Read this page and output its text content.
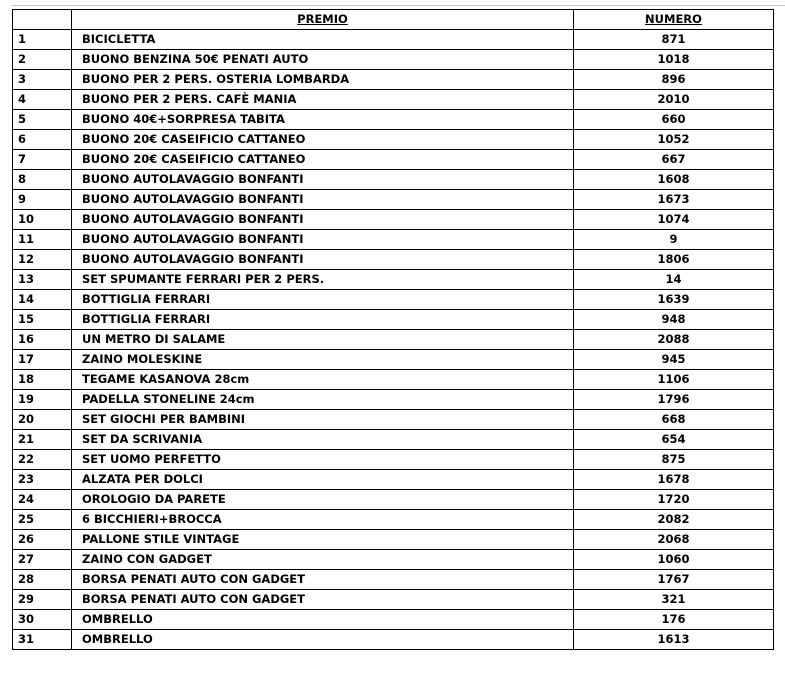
	PREMIO	NUMERO
1	BICICLETTA	871
2	BUONO BENZINA 50€ PENATI AUTO	1018
3	BUONO PER 2 PERS. OSTERIA LOMBARDA	896
4	BUONO PER 2 PERS. CAFÈ MANIA	2010
5	BUONO 40€+SORPRESA TABITA	660
6	BUONO 20€ CASEIFICIO CATTANEO	1052
7	BUONO 20€ CASEIFICIO CATTANEO	667
8	BUONO AUTOLAVAGGIO BONFANTI	1608
9	BUONO AUTOLAVAGGIO BONFANTI	1673
10	BUONO AUTOLAVAGGIO BONFANTI	1074
11	BUONO AUTOLAVAGGIO BONFANTI	9
12	BUONO AUTOLAVAGGIO BONFANTI	1806
13	SET SPUMANTE FERRARI PER 2 PERS.	14
14	BOTTIGLIA FERRARI	1639
15	BOTTIGLIA FERRARI	948
16	UN METRO DI SALAME	2088
17	ZAINO MOLESKINE	945
18	TEGAME KASANOVA 28cm	1106
19	PADELLA STONELINE 24cm	1796
20	SET GIOCHI PER BAMBINI	668
21	SET DA SCRIVANIA	654
22	SET UOMO PERFETTO	875
23	ALZATA PER DOLCI	1678
24	OROLOGIO DA PARETE	1720
25	6 BICCHIERI+BROCCA	2082
26	PALLONE STILE VINTAGE	2068
27	ZAINO CON GADGET	1060
28	BORSA PENATI AUTO CON GADGET	1767
29	BORSA PENATI AUTO CON GADGET	321
30	OMBRELLO	176
31	OMBRELLO	1613
